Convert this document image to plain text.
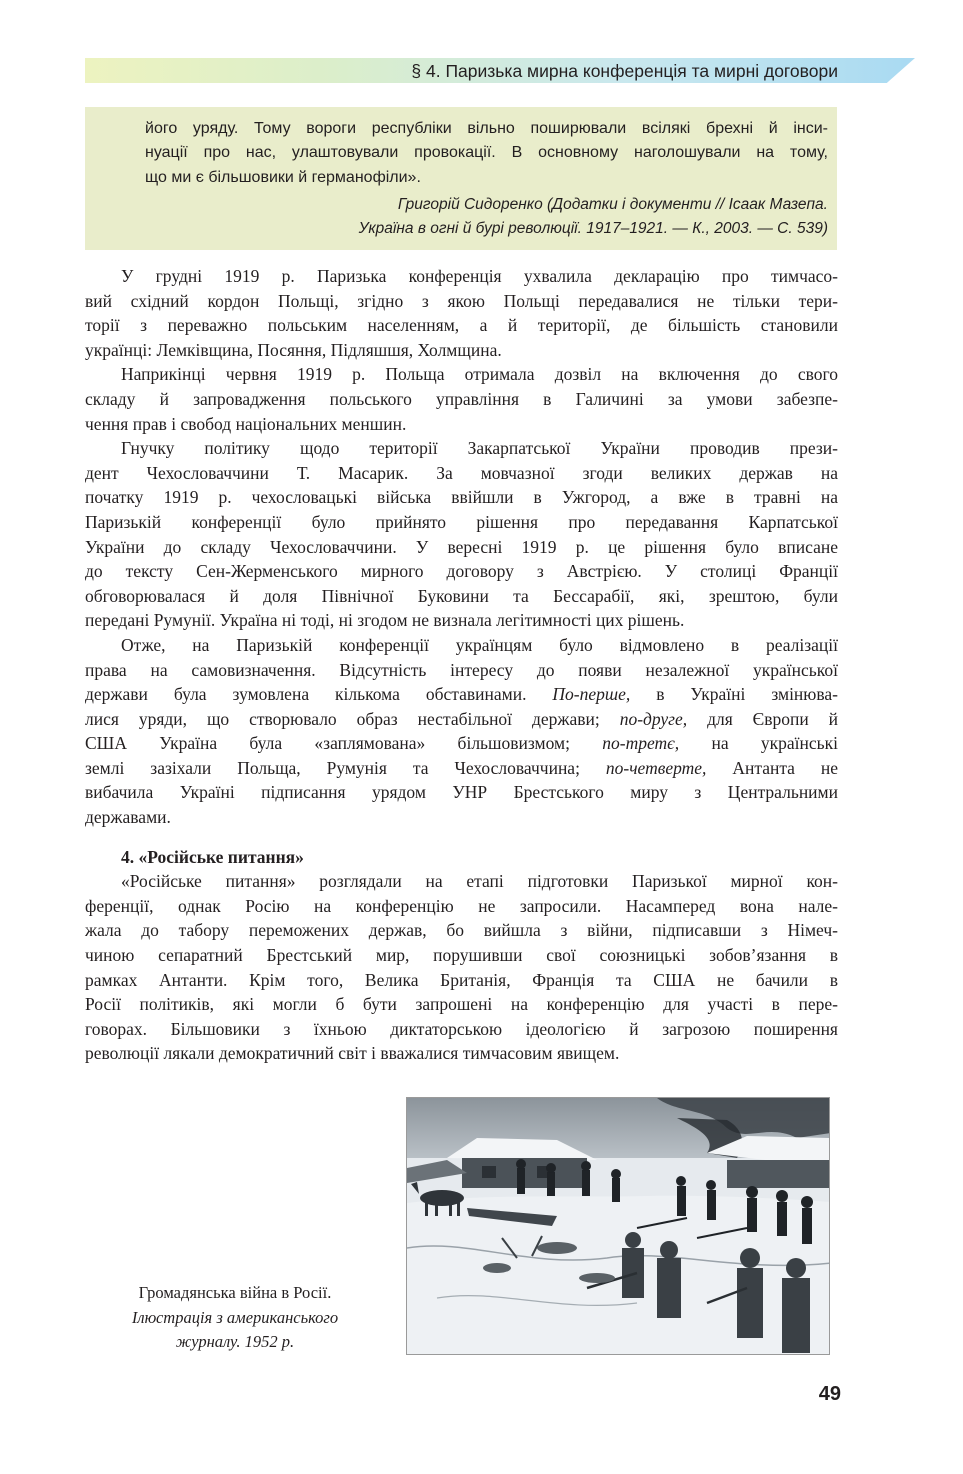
§ 4. Паризька мирна конференція та мирні договори

його уряду. Тому вороги республіки вільно поширювали всілякі брехні й інси-

нуації про нас, улаштовували провокації. В основному наголошували на тому,

що ми є більшовики й германофіли».

Григорій Сидоренко (Додатки і документи // Ісаак Мазепа.
Україна в огні й бурі революції. 1917–1921. — К., 2003. — С. 539)
У грудні 1919 р. Паризька конференція ухвалила декларацію про тимчасо-
вий східний кордон Польщі, згідно з якою Польщі передавалися не тільки тери-
торії з переважно польським населенням, а й території, де більшість становили
українці: Лемківщина, Посяння, Підляшшя, Холмщина.
Наприкінці червня 1919 р. Польща отримала дозвіл на включення до свого
складу й запровадження польського управління в Галичині за умови забезпе-
чення прав і свобод національних меншин.
Гнучку політику щодо території Закарпатської України проводив прези-
дент Чехословаччини Т. Масарик. За мовчазної згоди великих держав на
початку 1919 р. чехословацькі війська ввійшли в Ужгород, а вже в травні на
Паризькій конференції було прийнято рішення про передавання Карпатської
України до складу Чехословаччини. У вересні 1919 р. це рішення було вписане
до тексту Сен-Жерменського мирного договору з Австрією. У столиці Франції
обговорювалася й доля Північної Буковини та Бессарабії, які, зрештою, були
передані Румунії. Україна ні тоді, ні згодом не визнала легітимності цих рішень.
Отже, на Паризькій конференції українцям було відмовлено в реалізації
права на самовизначення. Відсутність інтересу до появи незалежної української
держави була зумовлена кількома обставинами. По-перше, в Україні змінюва-
лися уряди, що створювало образ нестабільної держави; по-друге, для Європи й
США Україна була «заплямована» більшовизмом; по-третє, на українські
землі зазіхали Польща, Румунія та Чехословаччина; по-четверте, Антанта не
вибачила Україні підписання урядом УНР Брестського миру з Центральними
державами.
4. «Російське питання»
«Російське питання» розглядали на етапі підготовки Паризької мирної кон-
ференції, однак Росію на конференцію не запросили. Насамперед вона нале-
жала до табору переможених держав, бо вийшла з війни, підписавши з Німеч-
чиною сепаратний Брестський мир, порушивши свої союзницькі зобов’язання в
рамках Антанти. Крім того, Велика Британія, Франція та США не бачили в
Росії політиків, які могли б бути запрошені на конференцію для участі в пере-
говорах. Більшовики з їхньою диктаторською ідеологією й загрозою поширення
революції лякали демократичний світ і вважалися тимчасовим явищем.
Громадянська війна в Росії.
Ілюстрація з американського
журналу. 1952 р.
49
